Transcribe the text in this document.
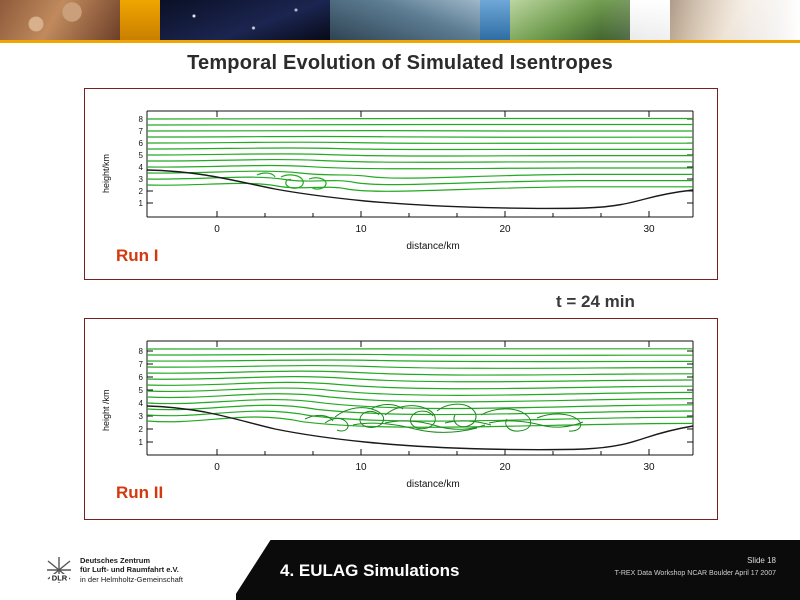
Temporal Evolution of Simulated Isentropes
8
7
6
5
4
3
2
1
0	10	20	30
distance/km
height/km
Run I
t = 24 min
8
7
6
5
4
3
2
1
0	10	20	30
distance/km
height /km
Run II
DLR
Deutsches Zentrum
für Luft- und Raumfahrt e.V.
in der Helmholtz-Gemeinschaft	4. EULAG Simulations
Slide 18
T-REX Data Workshop NCAR Boulder April 17 2007
